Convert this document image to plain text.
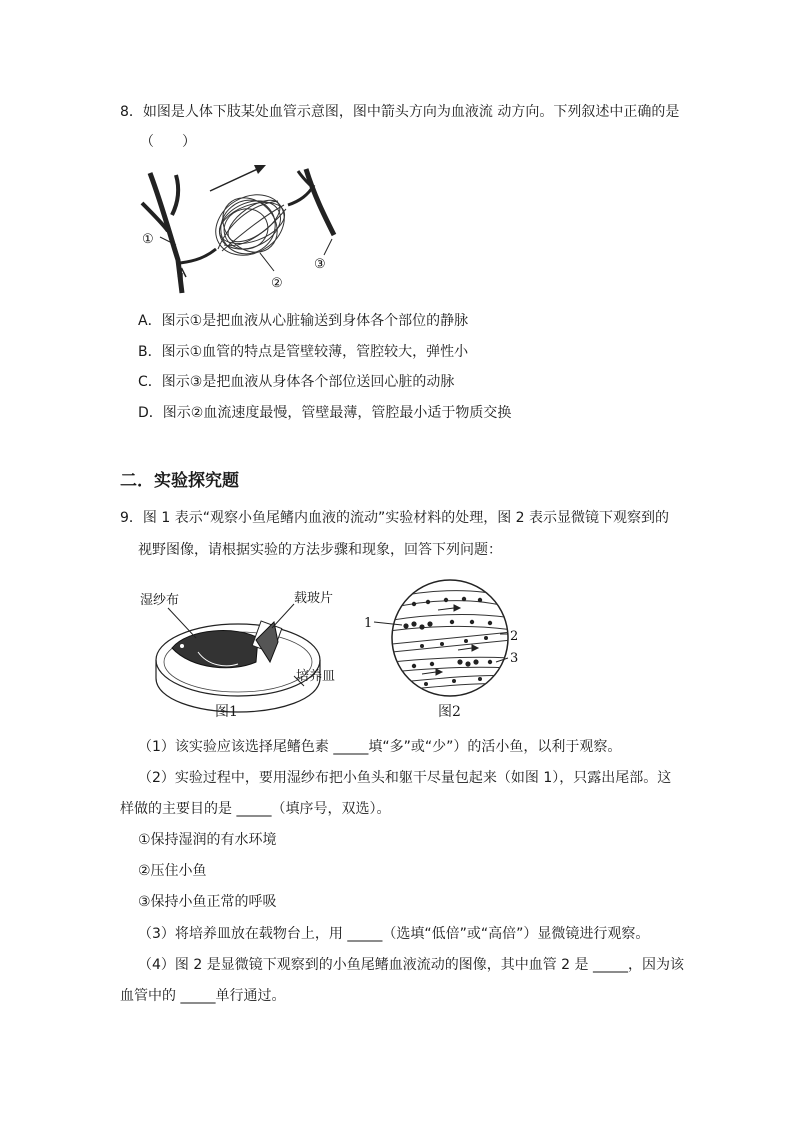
8．如图是人体下肢某处血管示意图，图中箭头方向为血液流 动方向。下列叙述中正确的是
（　　）
①
②
③
A．图示①是把血液从心脏输送到身体各个部位的静脉
B．图示①血管的特点是管壁较薄，管腔较大，弹性小
C．图示③是把血液从身体各个部位送回心脏的动脉
D．图示②血流速度最慢，管壁最薄，管腔最小适于物质交换
二．实验探究题
9．图 1 表示“观察小鱼尾鳍内血液的流动”实验材料的处理，图 2 表示显微镜下观察到的
视野图像，请根据实验的方法步骤和现象，回答下列问题：
湿纱布	载玻片
培养皿
图1
1
2
3
图2
（1）该实验应该选择尾鳍色素 _____填“多”或“少”）的活小鱼，以利于观察。
（2）实验过程中，要用湿纱布把小鱼头和躯干尽量包起来（如图 1），只露出尾部。这
样做的主要目的是 _____（填序号，双选）。
①保持湿润的有水环境
②压住小鱼
③保持小鱼正常的呼吸
（3）将培养皿放在载物台上，用 _____（选填“低倍”或“高倍”）显微镜进行观察。
（4）图 2 是显微镜下观察到的小鱼尾鳍血液流动的图像，其中血管 2 是 _____，因为该
血管中的 _____单行通过。
